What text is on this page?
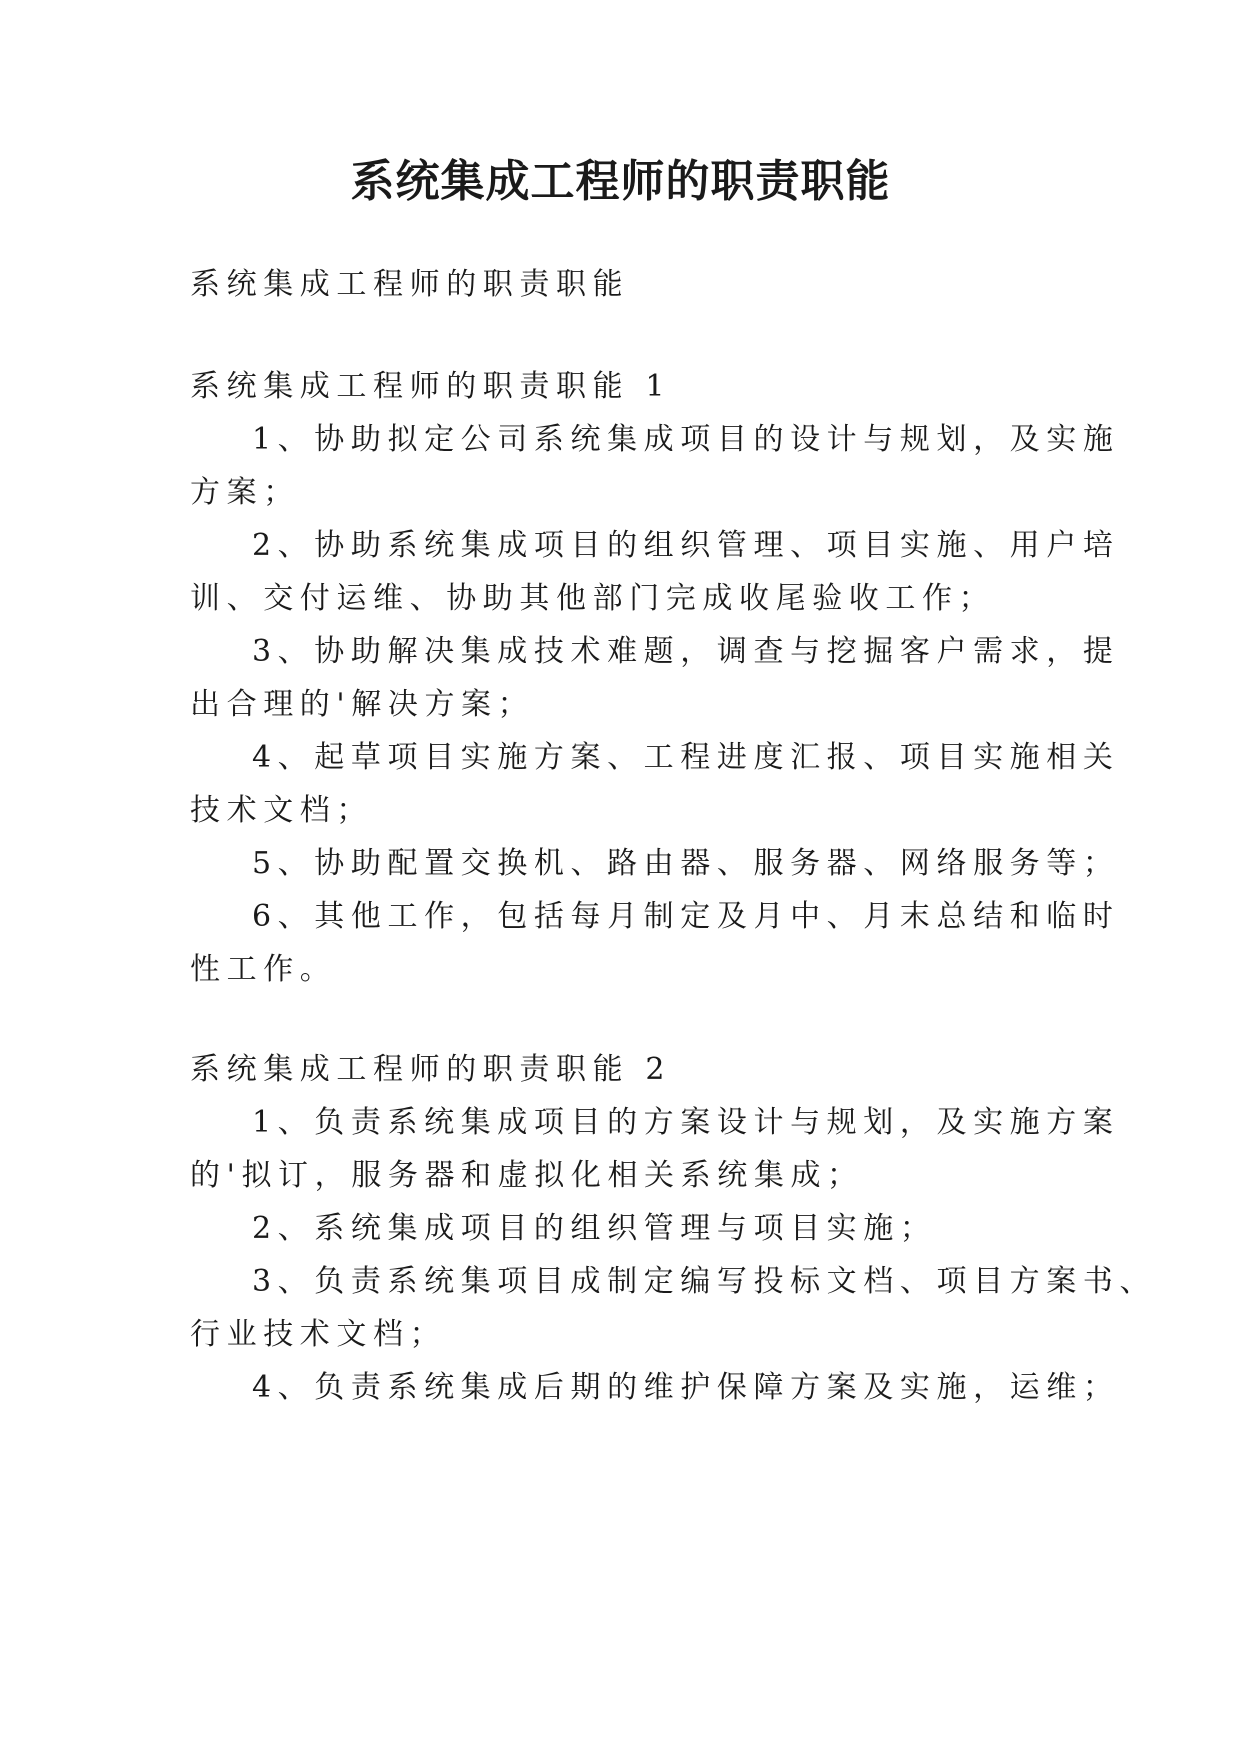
系统集成工程师的职责职能
系统集成工程师的职责职能
系统集成工程师的职责职能 1
1、协助拟定公司系统集成项目的设计与规划，及实施
方案；
2、协助系统集成项目的组织管理、项目实施、用户培
训、交付运维、协助其他部门完成收尾验收工作；
3、协助解决集成技术难题，调查与挖掘客户需求，提
出合理的'解决方案；
4、起草项目实施方案、工程进度汇报、项目实施相关
技术文档；
5、协助配置交换机、路由器、服务器、网络服务等；
6、其他工作，包括每月制定及月中、月末总结和临时
性工作。
系统集成工程师的职责职能 2
1、负责系统集成项目的方案设计与规划，及实施方案
的'拟订，服务器和虚拟化相关系统集成；
2、系统集成项目的组织管理与项目实施；
3、负责系统集项目成制定编写投标文档、项目方案书、
行业技术文档；
4、负责系统集成后期的维护保障方案及实施，运维；
